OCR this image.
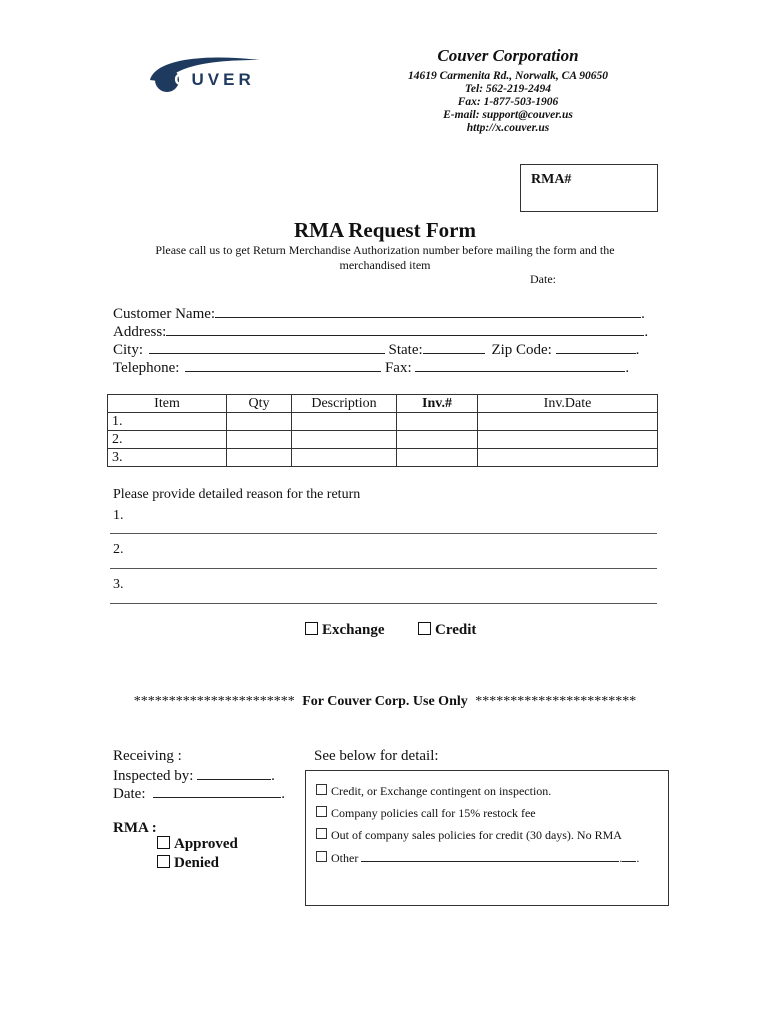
COUVER
Couver Corporation
14619 Carmenita Rd., Norwalk, CA 90650
Tel: 562-219-2494
Fax: 1-877-503-1906
E-mail: support@couver.us
http://x.couver.us
RMA#
RMA Request Form
Please call us to get Return Merchandise Authorization number before mailing the form and the merchandised item
Date:
Customer Name:	.
Address:	.
City:	State:	Zip Code:	.
Telephone:	Fax:	.
Item	Qty	Description	Inv.#	Inv.Date
1.				
2.				
3.				
Please provide detailed reason for the return
1.
2.
3.
Exchange	Credit
*********************** For Couver Corp. Use Only ***********************
Receiving :
Inspected by:	.
Date:	.
RMA :
Approved
Denied
See below for detail:
Credit, or Exchange contingent on inspection.
Company policies call for 15% restock fee
Out of company sales policies for credit (30 days). No RMA
Other	. .
